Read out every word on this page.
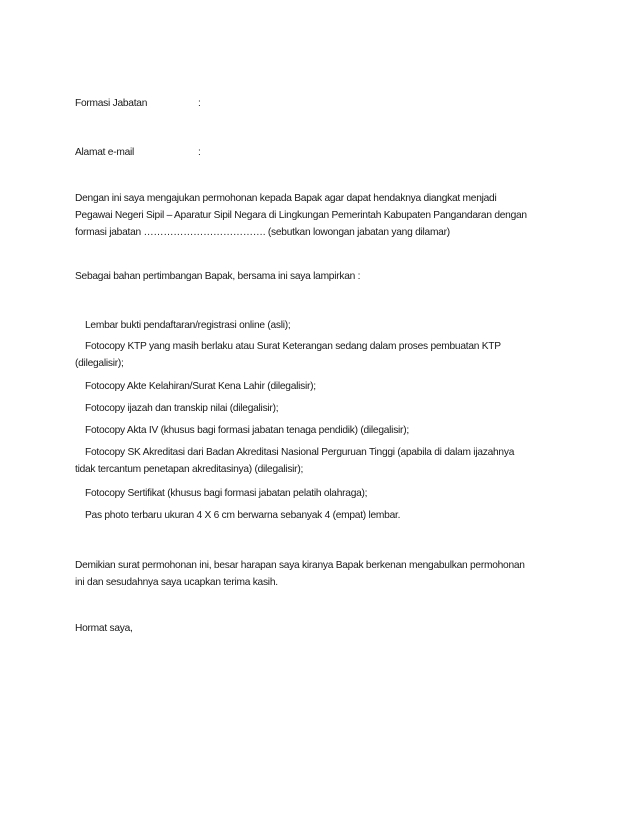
Formasi Jabatan	:
Alamat e-mail	:
Dengan ini saya mengajukan permohonan kepada Bapak agar dapat hendaknya diangkat menjadi
Pegawai Negeri Sipil – Aparatur Sipil Negara di Lingkungan Pemerintah Kabupaten Pangandaran dengan
formasi jabatan ………………………………. (sebutkan lowongan jabatan yang dilamar)
Sebagai bahan pertimbangan Bapak, bersama ini saya lampirkan :
Lembar bukti pendaftaran/registrasi online (asli);
Fotocopy KTP yang masih berlaku atau Surat Keterangan sedang dalam proses pembuatan KTP
(dilegalisir);
Fotocopy Akte Kelahiran/Surat Kena Lahir (dilegalisir);
Fotocopy ijazah dan transkip nilai (dilegalisir);
Fotocopy Akta IV (khusus bagi formasi jabatan tenaga pendidik) (dilegalisir);
Fotocopy SK Akreditasi dari Badan Akreditasi Nasional Perguruan Tinggi (apabila di dalam ijazahnya
tidak tercantum penetapan akreditasinya) (dilegalisir);
Fotocopy Sertifikat (khusus bagi formasi jabatan pelatih olahraga);
Pas photo terbaru ukuran 4 X 6 cm berwarna sebanyak 4 (empat) lembar.
Demikian surat permohonan ini, besar harapan saya kiranya Bapak berkenan mengabulkan permohonan
ini dan sesudahnya saya ucapkan terima kasih.
Hormat saya,
